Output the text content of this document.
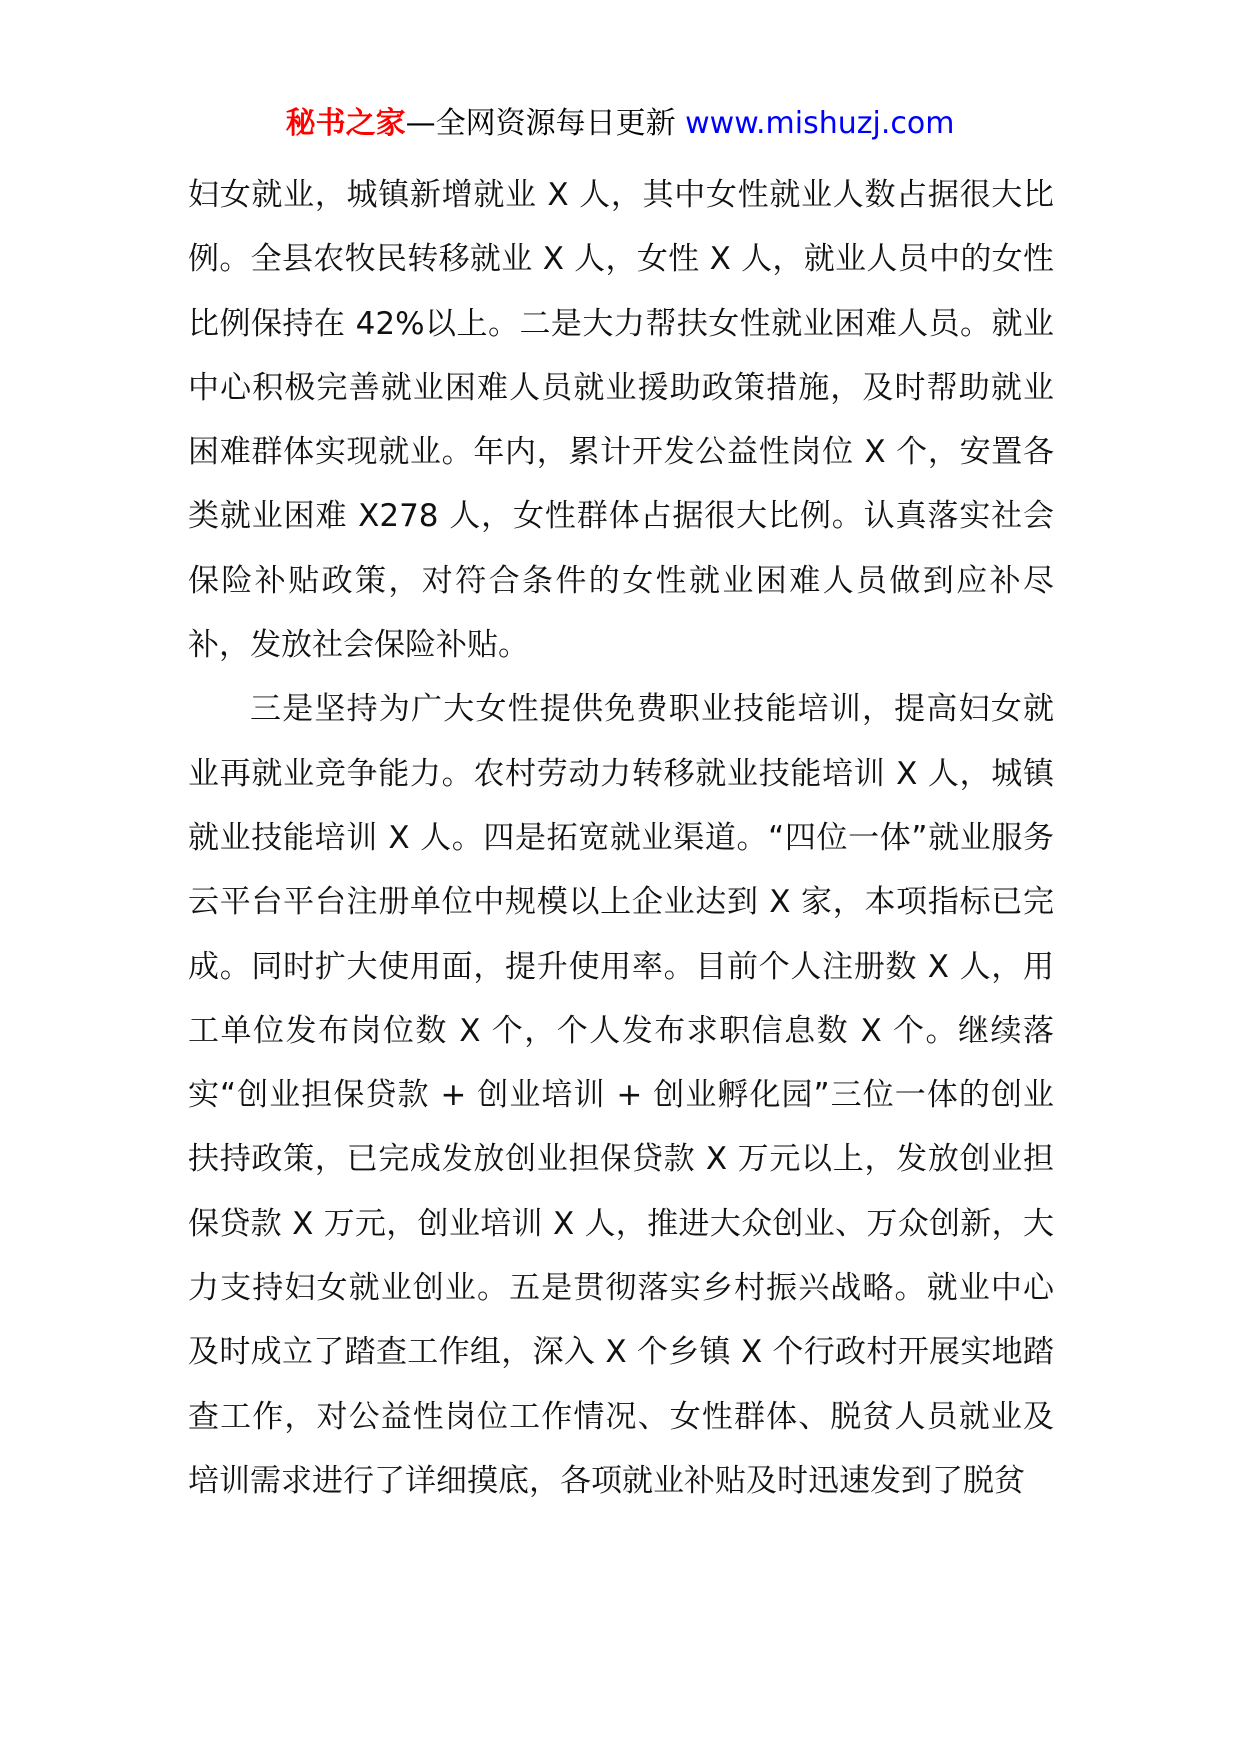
秘书之家—全网资源每日更新 www.mishuzj.com

妇女就业，城镇新增就业 X 人，其中女性就业人数占据很大比例。全县农牧民转移就业 X 人，女性 X 人，就业人员中的女性比例保持在 42%以上。二是大力帮扶女性就业困难人员。就业中心积极完善就业困难人员就业援助政策措施，及时帮助就业困难群体实现就业。年内，累计开发公益性岗位 X 个，安置各类就业困难 X278 人，女性群体占据很大比例。认真落实社会保险补贴政策，对符合条件的女性就业困难人员做到应补尽补，发放社会保险补贴。

三是坚持为广大女性提供免费职业技能培训，提高妇女就业再就业竞争能力。农村劳动力转移就业技能培训 X 人，城镇就业技能培训 X 人。四是拓宽就业渠道。“四位一体”就业服务云平台平台注册单位中规模以上企业达到 X 家，本项指标已完成。同时扩大使用面，提升使用率。目前个人注册数 X 人，用工单位发布岗位数 X 个，个人发布求职信息数 X 个。继续落实“创业担保贷款 + 创业培训 + 创业孵化园”三位一体的创业扶持政策，已完成发放创业担保贷款 X 万元以上，发放创业担保贷款 X 万元，创业培训 X 人，推进大众创业、万众创新，大力支持妇女就业创业。五是贯彻落实乡村振兴战略。就业中心及时成立了踏查工作组，深入 X 个乡镇 X 个行政村开展实地踏查工作，对公益性岗位工作情况、女性群体、脱贫人员就业及培训需求进行了详细摸底，各项就业补贴及时迅速发到了脱贫
